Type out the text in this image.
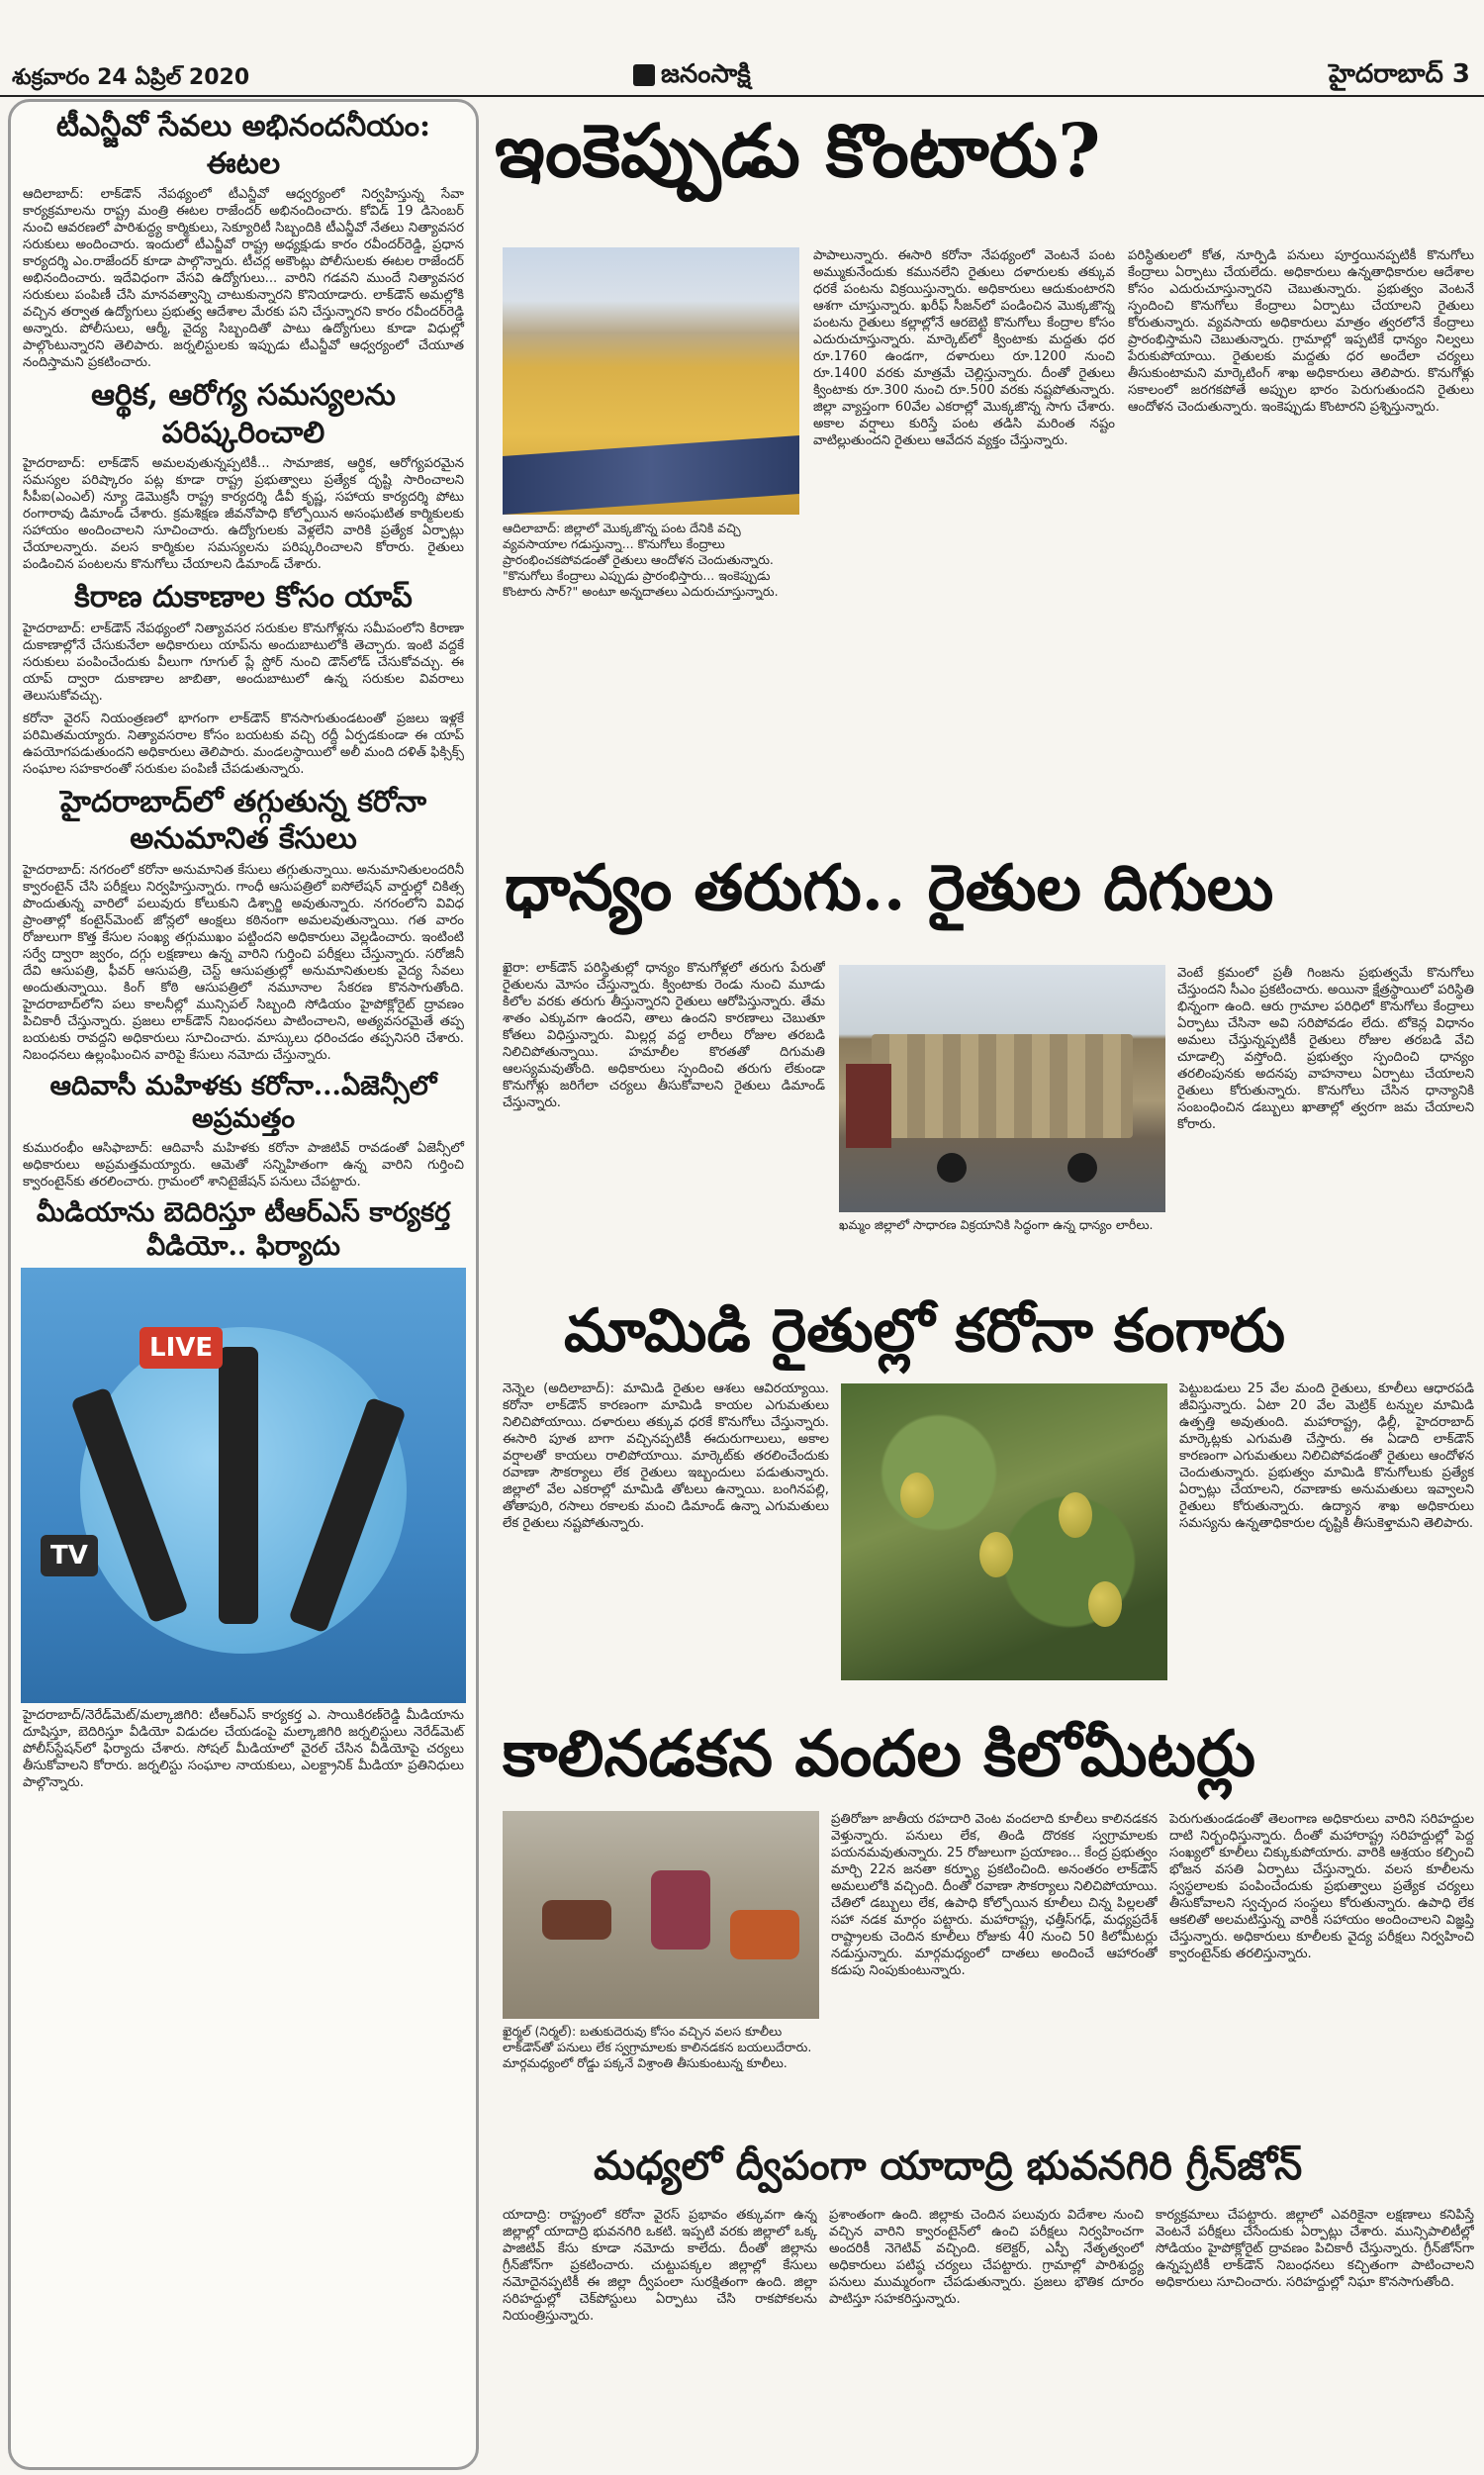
శుక్రవారం 24 ఏప్రిల్ 2020	జనంసాక్షి	హైదరాబాద్ 3
టీఎన్జీవో సేవలు అభినందనీయం: ఈటల
ఆదిలాబాద్: లాక్‌డౌన్ నేపథ్యంలో టీఎన్జీవో ఆధ్వర్యంలో నిర్వహిస్తున్న సేవా కార్యక్రమాలను రాష్ట్ర మంత్రి ఈటల రాజేందర్ అభినందించారు. కోవిడ్‌ 19 డిసెంబర్‌ నుంచి ఆవరణలో పారిశుద్ధ్య కార్మికులు, సెక్యూరిటీ సిబ్బందికి టీఎన్జీవో నేతలు నిత్యావసర సరుకులు అందించారు. ఇందులో టీఎన్జీవో రాష్ట్ర అధ్యక్షుడు కారం రవీందర్‌రెడ్డి, ప్రధాన కార్యదర్శి ఎం.రాజేందర్ కూడా పాల్గొన్నారు. టీచర్ల అకౌంట్లు పోలీసులకు ఈటల రాజేందర్ అభినందించారు. ఇదేవిధంగా వేసవి ఉద్యోగులు... వారిని గడవని ముందే నిత్యావసర సరుకులు పంపిణీ చేసి మానవత్వాన్ని చాటుకున్నారని కొనియాడారు. లాక్‌డౌన్ అమల్లోకి వచ్చిన తర్వాత ఉద్యోగులు ప్రభుత్వ ఆదేశాల మేరకు పని చేస్తున్నారని కారం రవీందర్‌రెడ్డి అన్నారు. పోలీసులు, ఆర్మీ, వైద్య సిబ్బందితో పాటు ఉద్యోగులు కూడా విధుల్లో పాల్గొంటున్నారని తెలిపారు. జర్నలిస్టులకు ఇప్పుడు టీఎన్జీవో ఆధ్వర్యంలో చేయూత నందిస్తామని ప్రకటించారు.
ఆర్థిక, ఆరోగ్య సమస్యలను పరిష్కరించాలి
హైదరాబాద్: లాక్‌డౌన్ అమలవుతున్నప్పటికీ... సామాజిక, ఆర్థిక, ఆరోగ్యపరమైన సమస్యల పరిష్కారం పట్ల కూడా రాష్ట్ర ప్రభుత్వాలు ప్రత్యేక దృష్టి సారించాలని సీపీఐ(ఎంఎల్) న్యూ డెమొక్రసీ రాష్ట్ర కార్యదర్శి డీవీ కృష్ణ, సహాయ కార్యదర్శి పోటు రంగారావు డిమాండ్ చేశారు. క్రమశిక్షణ జీవనోపాధి కోల్పోయిన అసంఘటిత కార్మికులకు సహాయం అందించాలని సూచించారు. ఉద్యోగులకు వెళ్లలేని వారికి ప్రత్యేక ఏర్పాట్లు చేయాలన్నారు. వలస కార్మికుల సమస్యలను పరిష్కరించాలని కోరారు. రైతులు పండించిన పంటలను కొనుగోలు చేయాలని డిమాండ్ చేశారు.
కిరాణ దుకాణాల కోసం యాప్
హైదరాబాద్: లాక్‌డౌన్ నేపథ్యంలో నిత్యావసర సరుకుల కొనుగోళ్లను సమీపంలోని కిరాణా దుకాణాల్లోనే చేసుకునేలా అధికారులు యాప్‌ను అందుబాటులోకి తెచ్చారు. ఇంటి వద్దకే సరుకులు పంపించేందుకు వీలుగా గూగుల్ ప్లే స్టోర్ నుంచి డౌన్‌లోడ్ చేసుకోవచ్చు. ఈ యాప్ ద్వారా దుకాణాల జాబితా, అందుబాటులో ఉన్న సరుకుల వివరాలు తెలుసుకోవచ్చు.
కరోనా వైరస్ నియంత్రణలో భాగంగా లాక్‌డౌన్ కొనసాగుతుండటంతో ప్రజలు ఇళ్లకే పరిమితమయ్యారు. నిత్యావసరాల కోసం బయటకు వచ్చి రద్దీ ఏర్పడకుండా ఈ యాప్ ఉపయోగపడుతుందని అధికారులు తెలిపారు. మండలస్థాయిలో అలీ మంది దళిత్ ఫిక్సిక్స్ సంఘాల సహకారంతో సరుకుల పంపిణీ చేపడుతున్నారు.
హైదరాబాద్‌లో తగ్గుతున్న కరోనా అనుమానిత కేసులు
హైదరాబాద్: నగరంలో కరోనా అనుమానిత కేసులు తగ్గుతున్నాయి. అనుమానితులందరినీ క్వారంటైన్ చేసి పరీక్షలు నిర్వహిస్తున్నారు. గాంధీ ఆసుపత్రిలో ఐసోలేషన్ వార్డుల్లో చికిత్స పొందుతున్న వారిలో పలువురు కోలుకుని డిశ్చార్జి అవుతున్నారు. నగరంలోని వివిధ ప్రాంతాల్లో కంటైన్‌మెంట్ జోన్లలో ఆంక్షలు కఠినంగా అమలవుతున్నాయి. గత వారం రోజులుగా కొత్త కేసుల సంఖ్య తగ్గుముఖం పట్టిందని అధికారులు వెల్లడించారు. ఇంటింటి సర్వే ద్వారా జ్వరం, దగ్గు లక్షణాలు ఉన్న వారిని గుర్తించి పరీక్షలు చేస్తున్నారు. సరోజినీ దేవి ఆసుపత్రి, ఫీవర్ ఆసుపత్రి, చెస్ట్ ఆసుపత్రుల్లో అనుమానితులకు వైద్య సేవలు అందుతున్నాయి. కింగ్ కోఠి ఆసుపత్రిలో నమూనాల సేకరణ కొనసాగుతోంది. హైదరాబాద్‌లోని పలు కాలనీల్లో మున్సిపల్ సిబ్బంది సోడియం హైపోక్లోరైట్ ద్రావణం పిచికారీ చేస్తున్నారు. ప్రజలు లాక్‌డౌన్ నిబంధనలు పాటించాలని, అత్యవసరమైతే తప్ప బయటకు రావద్దని అధికారులు సూచించారు. మాస్కులు ధరించడం తప్పనిసరి చేశారు. నిబంధనలు ఉల్లంఘించిన వారిపై కేసులు నమోదు చేస్తున్నారు.
ఆదివాసీ మహిళకు కరోనా...ఏజెన్సీలో అప్రమత్తం
కుమురంభీం ఆసిఫాబాద్: ఆదివాసీ మహిళకు కరోనా పాజిటివ్ రావడంతో ఏజెన్సీలో అధికారులు అప్రమత్తమయ్యారు. ఆమెతో సన్నిహితంగా ఉన్న వారిని గుర్తించి క్వారంటైన్‌కు తరలించారు. గ్రామంలో శానిటైజేషన్ పనులు చేపట్టారు.
మీడియాను బెదిరిస్తూ టీఆర్ఎస్ కార్యకర్త వీడియో.. ఫిర్యాదు
LIVE
TV
హైదరాబాద్/నెరేడ్‌మెట్/మల్కాజిగిరి: టీఆర్ఎస్ కార్యకర్త ఎ. సాయికిరణ్‌రెడ్డి మీడియాను దూషిస్తూ, బెదిరిస్తూ వీడియో విడుదల చేయడంపై మల్కాజిగిరి జర్నలిస్టులు నెరేడ్‌మెట్ పోలీస్‌స్టేషన్‌లో ఫిర్యాదు చేశారు. సోషల్ మీడియాలో వైరల్ చేసిన వీడియోపై చర్యలు తీసుకోవాలని కోరారు. జర్నలిస్టు సంఘాల నాయకులు, ఎలక్ట్రానిక్ మీడియా ప్రతినిధులు పాల్గొన్నారు.
ఇంకెప్పుడు కొంటారు?
ఆదిలాబాద్: జిల్లాలో మొక్కజొన్న పంట దేనికి వచ్చి వ్యవసాయాల గడుస్తున్నా... కొనుగోలు కేంద్రాలు ప్రారంభించకపోవడంతో రైతులు ఆందోళన చెందుతున్నారు. "కొనుగోలు కేంద్రాలు ఎప్పుడు ప్రారంభిస్తారు... ఇంకెప్పుడు కొంటారు సార్?" అంటూ అన్నదాతలు ఎదురుచూస్తున్నారు.
పాపాలున్నారు. ఈసారి కరోనా నేపథ్యంలో వెంటనే పంట అమ్ముకునేందుకు కమునలేని రైతులు దళారులకు తక్కువ ధరకే పంటను విక్రయిస్తున్నారు. అధికారులు ఆదుకుంటారని ఆశగా చూస్తున్నారు. ఖరీఫ్ సీజన్‌లో పండించిన మొక్కజొన్న పంటను రైతులు కల్లాల్లోనే ఆరబెట్టి కొనుగోలు కేంద్రాల కోసం ఎదురుచూస్తున్నారు. మార్కెట్‌లో క్వింటాకు మద్దతు ధర రూ.1760 ఉండగా, దళారులు రూ.1200 నుంచి రూ.1400 వరకు మాత్రమే చెల్లిస్తున్నారు. దీంతో రైతులు క్వింటాకు రూ.300 నుంచి రూ.500 వరకు నష్టపోతున్నారు. జిల్లా వ్యాప్తంగా 60వేల ఎకరాల్లో మొక్కజొన్న సాగు చేశారు. అకాల వర్షాలు కురిస్తే పంట తడిసి మరింత నష్టం వాటిల్లుతుందని రైతులు ఆవేదన వ్యక్తం చేస్తున్నారు.
పరిస్థితులలో కోత, నూర్పిడి పనులు పూర్తయినప్పటికీ కొనుగోలు కేంద్రాలు ఏర్పాటు చేయలేదు. అధికారులు ఉన్నతాధికారుల ఆదేశాల కోసం ఎదురుచూస్తున్నారని చెబుతున్నారు. ప్రభుత్వం వెంటనే స్పందించి కొనుగోలు కేంద్రాలు ఏర్పాటు చేయాలని రైతులు కోరుతున్నారు. వ్యవసాయ అధికారులు మాత్రం త్వరలోనే కేంద్రాలు ప్రారంభిస్తామని చెబుతున్నారు. గ్రామాల్లో ఇప్పటికే ధాన్యం నిల్వలు పేరుకుపోయాయి. రైతులకు మద్దతు ధర అందేలా చర్యలు తీసుకుంటామని మార్కెటింగ్ శాఖ అధికారులు తెలిపారు. కొనుగోళ్లు సకాలంలో జరగకపోతే అప్పుల భారం పెరుగుతుందని రైతులు ఆందోళన చెందుతున్నారు. ఇంకెప్పుడు కొంటారని ప్రశ్నిస్తున్నారు.
ధాన్యం తరుగు.. రైతుల దిగులు
ఖైరా: లాక్‌డౌన్ పరిస్థితుల్లో ధాన్యం కొనుగోళ్లలో తరుగు పేరుతో రైతులను మోసం చేస్తున్నారు. క్వింటాకు రెండు నుంచి మూడు కిలోల వరకు తరుగు తీస్తున్నారని రైతులు ఆరోపిస్తున్నారు. తేమ శాతం ఎక్కువగా ఉందని, తాలు ఉందని కారణాలు చెబుతూ కోతలు విధిస్తున్నారు. మిల్లర్ల వద్ద లారీలు రోజుల తరబడి నిలిచిపోతున్నాయి. హమాలీల కొరతతో దిగుమతి ఆలస్యమవుతోంది. అధికారులు స్పందించి తరుగు లేకుండా కొనుగోళ్లు జరిగేలా చర్యలు తీసుకోవాలని రైతులు డిమాండ్ చేస్తున్నారు.
ఖమ్మం జిల్లాలో సాధారణ విక్రయానికి సిద్ధంగా ఉన్న ధాన్యం లారీలు.
వెంటే క్రమంలో ప్రతీ గింజను ప్రభుత్వమే కొనుగోలు చేస్తుందని సీఎం ప్రకటించారు. అయినా క్షేత్రస్థాయిలో పరిస్థితి భిన్నంగా ఉంది. ఆరు గ్రామాల పరిధిలో కొనుగోలు కేంద్రాలు ఏర్పాటు చేసినా అవి సరిపోవడం లేదు. టోకెన్ల విధానం అమలు చేస్తున్నప్పటికీ రైతులు రోజుల తరబడి వేచి చూడాల్సి వస్తోంది. ప్రభుత్వం స్పందించి ధాన్యం తరలింపునకు అదనపు వాహనాలు ఏర్పాటు చేయాలని రైతులు కోరుతున్నారు. కొనుగోలు చేసిన ధాన్యానికి సంబంధించిన డబ్బులు ఖాతాల్లో త్వరగా జమ చేయాలని కోరారు.
మామిడి రైతుల్లో కరోనా కంగారు
నెన్నెల (అదిలాబాద్): మామిడి రైతుల ఆశలు ఆవిరయ్యాయి. కరోనా లాక్‌డౌన్ కారణంగా మామిడి కాయల ఎగుమతులు నిలిచిపోయాయి. దళారులు తక్కువ ధరకే కొనుగోలు చేస్తున్నారు. ఈసారి పూత బాగా వచ్చినప్పటికీ ఈదురుగాలులు, అకాల వర్షాలతో కాయలు రాలిపోయాయి. మార్కెట్‌కు తరలించేందుకు రవాణా సౌకర్యాలు లేక రైతులు ఇబ్బందులు పడుతున్నారు. జిల్లాలో వేల ఎకరాల్లో మామిడి తోటలు ఉన్నాయి. బంగినపల్లి, తోతాపురి, రసాలు రకాలకు మంచి డిమాండ్ ఉన్నా ఎగుమతులు లేక రైతులు నష్టపోతున్నారు.
పెట్టుబడులు 25 వేల మంది రైతులు, కూలీలు ఆధారపడి జీవిస్తున్నారు. ఏటా 20 వేల మెట్రిక్ టన్నుల మామిడి ఉత్పత్తి అవుతుంది. మహారాష్ట్ర, ఢిల్లీ, హైదరాబాద్ మార్కెట్లకు ఎగుమతి చేస్తారు. ఈ ఏడాది లాక్‌డౌన్ కారణంగా ఎగుమతులు నిలిచిపోవడంతో రైతులు ఆందోళన చెందుతున్నారు. ప్రభుత్వం మామిడి కొనుగోలుకు ప్రత్యేక ఏర్పాట్లు చేయాలని, రవాణాకు అనుమతులు ఇవ్వాలని రైతులు కోరుతున్నారు. ఉద్యాన శాఖ అధికారులు సమస్యను ఉన్నతాధికారుల దృష్టికి తీసుకెళ్తామని తెలిపారు.
కాలినడకన వందల కిలోమీటర్లు
ఖైర్మల్ (నిర్మల్): బతుకుదెరువు కోసం వచ్చిన వలస కూలీలు లాక్‌డౌన్‌తో పనులు లేక స్వగ్రామాలకు కాలినడకన బయలుదేరారు. మార్గమధ్యంలో రోడ్డు పక్కనే విశ్రాంతి తీసుకుంటున్న కూలీలు.
ప్రతిరోజూ జాతీయ రహదారి వెంట వందలాది కూలీలు కాలినడకన వెళ్తున్నారు. పనులు లేక, తిండి దొరకక స్వగ్రామాలకు పయనమవుతున్నారు. 25 రోజులుగా ప్రయాణం... కేంద్ర ప్రభుత్వం మార్చి 22న జనతా కర్ఫ్యూ ప్రకటించింది. అనంతరం లాక్‌డౌన్ అమలులోకి వచ్చింది. దీంతో రవాణా సౌకర్యాలు నిలిచిపోయాయి. చేతిలో డబ్బులు లేక, ఉపాధి కోల్పోయిన కూలీలు చిన్న పిల్లలతో సహా నడక మార్గం పట్టారు. మహారాష్ట్ర, ఛత్తీస్‌గఢ్, మధ్యప్రదేశ్ రాష్ట్రాలకు చెందిన కూలీలు రోజుకు 40 నుంచి 50 కిలోమీటర్లు నడుస్తున్నారు. మార్గమధ్యంలో దాతలు అందించే ఆహారంతో కడుపు నింపుకుంటున్నారు.
పెరుగుతుండడంతో తెలంగాణ అధికారులు వారిని సరిహద్దుల దాటి నిర్బంధిస్తున్నారు. దీంతో మహారాష్ట్ర సరిహద్దుల్లో పెద్ద సంఖ్యలో కూలీలు చిక్కుకుపోయారు. వారికి ఆశ్రయం కల్పించి భోజన వసతి ఏర్పాటు చేస్తున్నారు. వలస కూలీలను స్వస్థలాలకు పంపించేందుకు ప్రభుత్వాలు ప్రత్యేక చర్యలు తీసుకోవాలని స్వచ్ఛంద సంస్థలు కోరుతున్నారు. ఉపాధి లేక ఆకలితో అలమటిస్తున్న వారికి సహాయం అందించాలని విజ్ఞప్తి చేస్తున్నారు. అధికారులు కూలీలకు వైద్య పరీక్షలు నిర్వహించి క్వారంటైన్‌కు తరలిస్తున్నారు.
మధ్యలో ద్వీపంగా యాదాద్రి భువనగిరి గ్రీన్‌జోన్
యాదాద్రి: రాష్ట్రంలో కరోనా వైరస్ ప్రభావం తక్కువగా ఉన్న జిల్లాల్లో యాదాద్రి భువనగిరి ఒకటి. ఇప్పటి వరకు జిల్లాలో ఒక్క పాజిటివ్ కేసు కూడా నమోదు కాలేదు. దీంతో జిల్లాను గ్రీన్‌జోన్‌గా ప్రకటించారు. చుట్టుపక్కల జిల్లాల్లో కేసులు నమోదైనప్పటికీ ఈ జిల్లా ద్వీపంలా సురక్షితంగా ఉంది. జిల్లా సరిహద్దుల్లో చెక్‌పోస్టులు ఏర్పాటు చేసి రాకపోకలను నియంత్రిస్తున్నారు.
ప్రశాంతంగా ఉంది. జిల్లాకు చెందిన పలువురు విదేశాల నుంచి వచ్చిన వారిని క్వారంటైన్‌లో ఉంచి పరీక్షలు నిర్వహించగా అందరికీ నెగెటివ్ వచ్చింది. కలెక్టర్, ఎస్పీ నేతృత్వంలో అధికారులు పటిష్ఠ చర్యలు చేపట్టారు. గ్రామాల్లో పారిశుద్ధ్య పనులు ముమ్మరంగా చేపడుతున్నారు. ప్రజలు భౌతిక దూరం పాటిస్తూ సహకరిస్తున్నారు.
కార్యక్రమాలు చేపట్టారు. జిల్లాలో ఎవరికైనా లక్షణాలు కనిపిస్తే వెంటనే పరీక్షలు చేసేందుకు ఏర్పాట్లు చేశారు. మున్సిపాలిటీల్లో సోడియం హైపోక్లోరైట్ ద్రావణం పిచికారీ చేస్తున్నారు. గ్రీన్‌జోన్‌గా ఉన్నప్పటికీ లాక్‌డౌన్ నిబంధనలు కచ్చితంగా పాటించాలని అధికారులు సూచించారు. సరిహద్దుల్లో నిఘా కొనసాగుతోంది.
